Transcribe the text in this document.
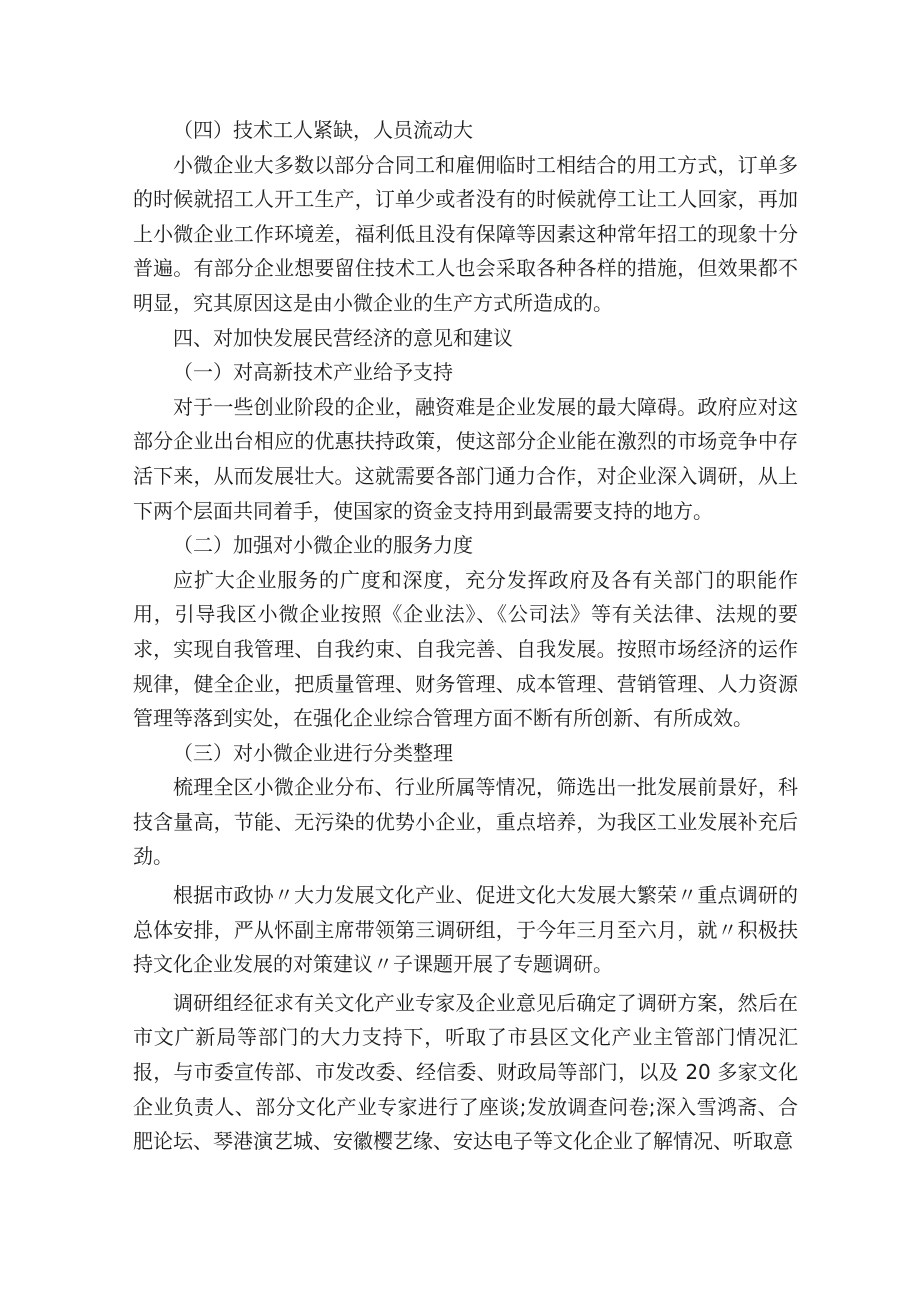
（四）技术工人紧缺，人员流动大

小微企业大多数以部分合同工和雇佣临时工相结合的用工方式，订单多的时候就招工人开工生产，订单少或者没有的时候就停工让工人回家，再加上小微企业工作环境差，福利低且没有保障等因素这种常年招工的现象十分普遍。有部分企业想要留住技术工人也会采取各种各样的措施，但效果都不明显，究其原因这是由小微企业的生产方式所造成的。

四、对加快发展民营经济的意见和建议

（一）对高新技术产业给予支持

对于一些创业阶段的企业，融资难是企业发展的最大障碍。政府应对这部分企业出台相应的优惠扶持政策，使这部分企业能在激烈的市场竞争中存活下来，从而发展壮大。这就需要各部门通力合作，对企业深入调研，从上下两个层面共同着手，使国家的资金支持用到最需要支持的地方。

（二）加强对小微企业的服务力度

应扩大企业服务的广度和深度，充分发挥政府及各有关部门的职能作用，引导我区小微企业按照《企业法》、《公司法》等有关法律、法规的要求，实现自我管理、自我约束、自我完善、自我发展。按照市场经济的运作规律，健全企业，把质量管理、财务管理、成本管理、营销管理、人力资源管理等落到实处，在强化企业综合管理方面不断有所创新、有所成效。

（三）对小微企业进行分类整理

梳理全区小微企业分布、行业所属等情况，筛选出一批发展前景好，科技含量高，节能、无污染的优势小企业，重点培养，为我区工业发展补充后劲。

根据市政协〃大力发展文化产业、促进文化大发展大繁荣〃重点调研的总体安排，严从怀副主席带领第三调研组，于今年三月至六月，就〃积极扶持文化企业发展的对策建议〃子课题开展了专题调研。

调研组经征求有关文化产业专家及企业意见后确定了调研方案，然后在市文广新局等部门的大力支持下，听取了市县区文化产业主管部门情况汇报，与市委宣传部、市发改委、经信委、财政局等部门，以及 20 多家文化企业负责人、部分文化产业专家进行了座谈;发放调查问卷;深入雪鸿斋、合肥论坛、琴港演艺城、安徽樱艺缘、安达电子等文化企业了解情况、听取意
